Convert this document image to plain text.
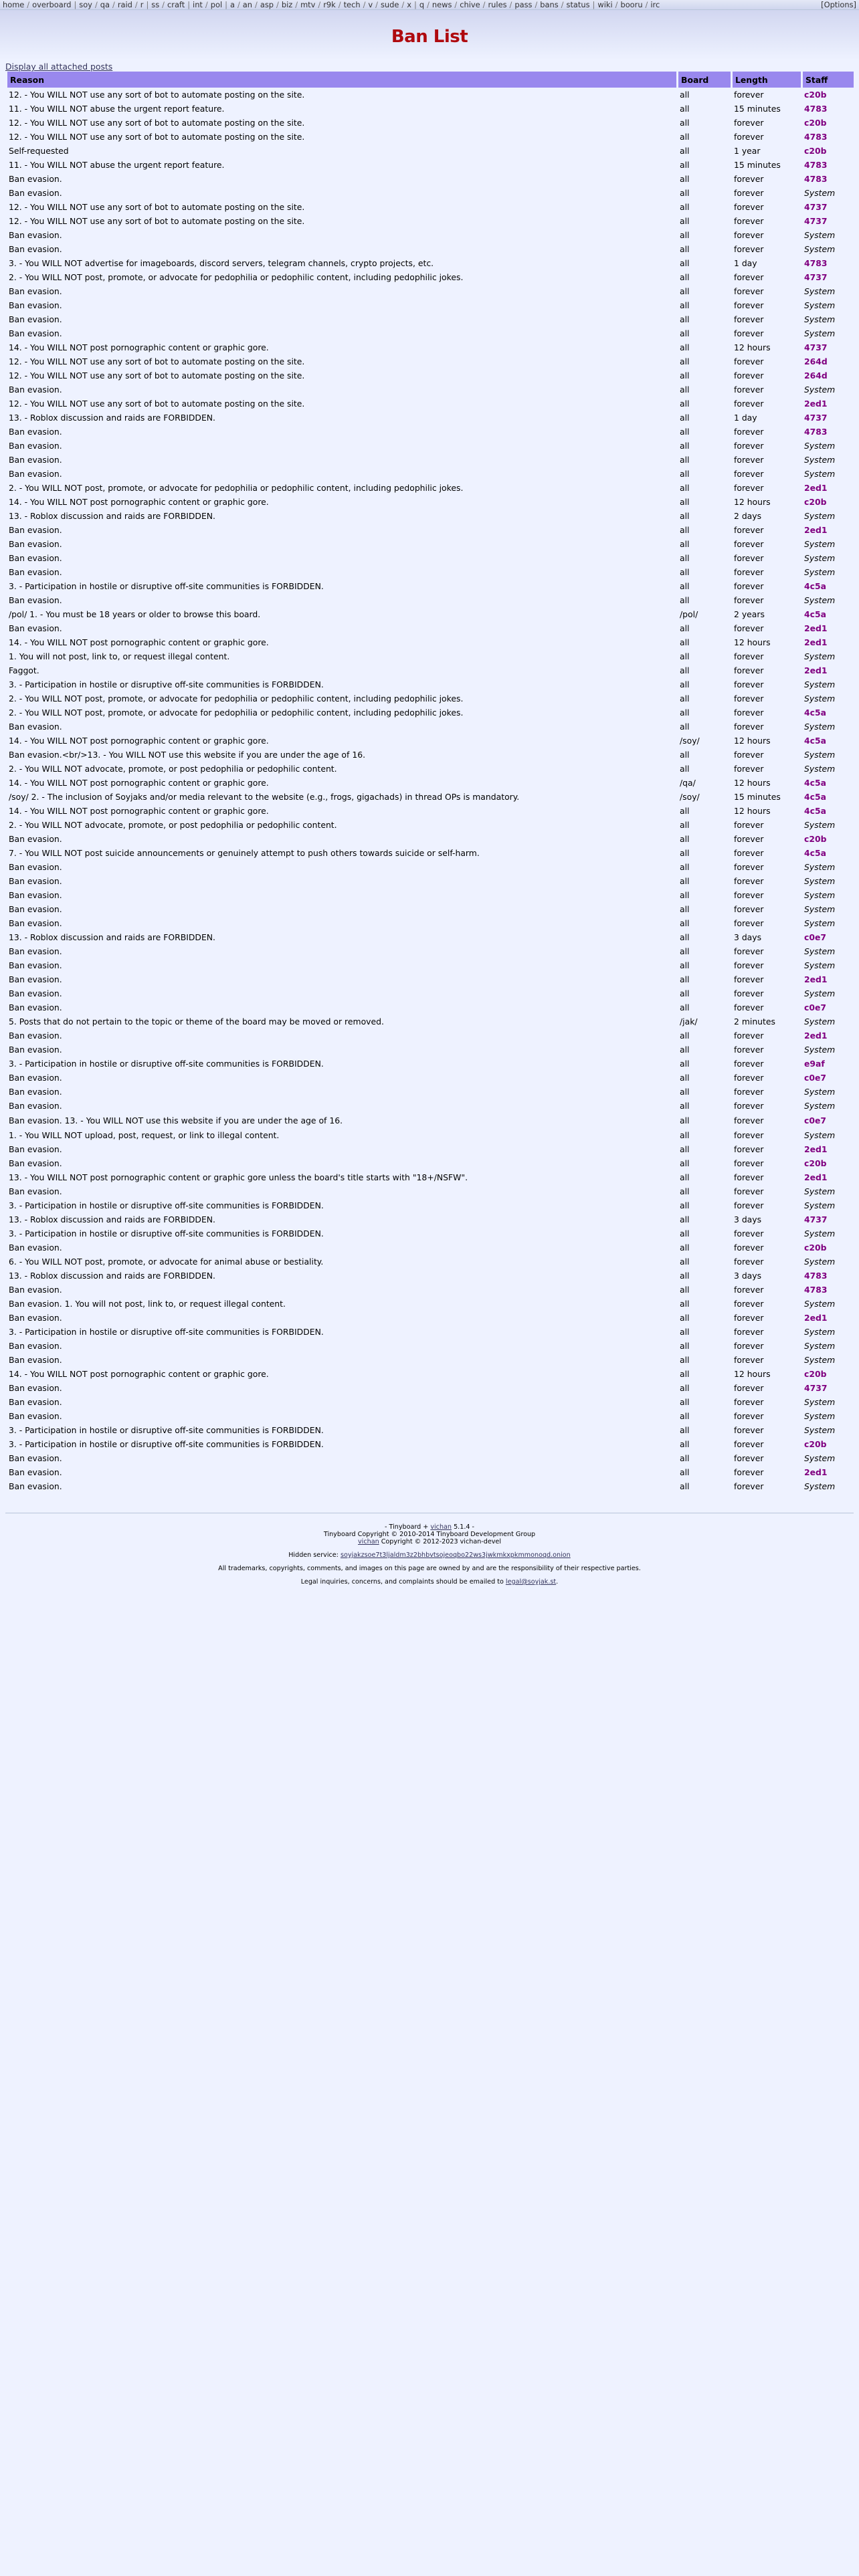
home / overboard | soy / qa / raid / r | ss / craft | int / pol | a / an / asp / biz / mtv / r9k / tech / v / sude / x | q / news / chive / rules / pass / bans / status | wiki / booru / irc	[Options]
Ban List
Display all attached posts
Reason	Board	Length	Staff
12. - You WILL NOT use any sort of bot to automate posting on the site.	all	forever	c20b
11. - You WILL NOT abuse the urgent report feature.	all	15 minutes	4783
12. - You WILL NOT use any sort of bot to automate posting on the site.	all	forever	c20b
12. - You WILL NOT use any sort of bot to automate posting on the site.	all	forever	4783
Self-requested	all	1 year	c20b
11. - You WILL NOT abuse the urgent report feature.	all	15 minutes	4783
Ban evasion.	all	forever	4783
Ban evasion.	all	forever	System
12. - You WILL NOT use any sort of bot to automate posting on the site.	all	forever	4737
12. - You WILL NOT use any sort of bot to automate posting on the site.	all	forever	4737
Ban evasion.	all	forever	System
Ban evasion.	all	forever	System
3. - You WILL NOT advertise for imageboards, discord servers, telegram channels, crypto projects, etc.	all	1 day	4783
2. - You WILL NOT post, promote, or advocate for pedophilia or pedophilic content, including pedophilic jokes.	all	forever	4737
Ban evasion.	all	forever	System
Ban evasion.	all	forever	System
Ban evasion.	all	forever	System
Ban evasion.	all	forever	System
14. - You WILL NOT post pornographic content or graphic gore.	all	12 hours	4737
12. - You WILL NOT use any sort of bot to automate posting on the site.	all	forever	264d
12. - You WILL NOT use any sort of bot to automate posting on the site.	all	forever	264d
Ban evasion.	all	forever	System
12. - You WILL NOT use any sort of bot to automate posting on the site.	all	forever	2ed1
13. - Roblox discussion and raids are FORBIDDEN.	all	1 day	4737
Ban evasion.	all	forever	4783
Ban evasion.	all	forever	System
Ban evasion.	all	forever	System
Ban evasion.	all	forever	System
2. - You WILL NOT post, promote, or advocate for pedophilia or pedophilic content, including pedophilic jokes.	all	forever	2ed1
14. - You WILL NOT post pornographic content or graphic gore.	all	12 hours	c20b
13. - Roblox discussion and raids are FORBIDDEN.	all	2 days	System
Ban evasion.	all	forever	2ed1
Ban evasion.	all	forever	System
Ban evasion.	all	forever	System
Ban evasion.	all	forever	System
3. - Participation in hostile or disruptive off-site communities is FORBIDDEN.	all	forever	4c5a
Ban evasion.	all	forever	System
/pol/ 1. - You must be 18 years or older to browse this board.	/pol/	2 years	4c5a
Ban evasion.	all	forever	2ed1
14. - You WILL NOT post pornographic content or graphic gore.	all	12 hours	2ed1
1. You will not post, link to, or request illegal content.	all	forever	System
Faggot.	all	forever	2ed1
3. - Participation in hostile or disruptive off-site communities is FORBIDDEN.	all	forever	System
2. - You WILL NOT post, promote, or advocate for pedophilia or pedophilic content, including pedophilic jokes.	all	forever	System
2. - You WILL NOT post, promote, or advocate for pedophilia or pedophilic content, including pedophilic jokes.	all	forever	4c5a
Ban evasion.	all	forever	System
14. - You WILL NOT post pornographic content or graphic gore.	/soy/	12 hours	4c5a
Ban evasion.<br/>13. - You WILL NOT use this website if you are under the age of 16.	all	forever	System
2. - You WILL NOT advocate, promote, or post pedophilia or pedophilic content.	all	forever	System
14. - You WILL NOT post pornographic content or graphic gore.	/qa/	12 hours	4c5a
/soy/ 2. - The inclusion of Soyjaks and/or media relevant to the website (e.g., frogs, gigachads) in thread OPs is mandatory.	/soy/	15 minutes	4c5a
14. - You WILL NOT post pornographic content or graphic gore.	all	12 hours	4c5a
2. - You WILL NOT advocate, promote, or post pedophilia or pedophilic content.	all	forever	System
Ban evasion.	all	forever	c20b
7. - You WILL NOT post suicide announcements or genuinely attempt to push others towards suicide or self-harm.	all	forever	4c5a
Ban evasion.	all	forever	System
Ban evasion.	all	forever	System
Ban evasion.	all	forever	System
Ban evasion.	all	forever	System
Ban evasion.	all	forever	System
13. - Roblox discussion and raids are FORBIDDEN.	all	3 days	c0e7
Ban evasion.	all	forever	System
Ban evasion.	all	forever	System
Ban evasion.	all	forever	2ed1
Ban evasion.	all	forever	System
Ban evasion.	all	forever	c0e7
5. Posts that do not pertain to the topic or theme of the board may be moved or removed.	/jak/	2 minutes	System
Ban evasion.	all	forever	2ed1
Ban evasion.	all	forever	System
3. - Participation in hostile or disruptive off-site communities is FORBIDDEN.	all	forever	e9af
Ban evasion.	all	forever	c0e7
Ban evasion.	all	forever	System
Ban evasion.	all	forever	System
Ban evasion. 13. - You WILL NOT use this website if you are under the age of 16.	all	forever	c0e7
1. - You WILL NOT upload, post, request, or link to illegal content.	all	forever	System
Ban evasion.	all	forever	2ed1
Ban evasion.	all	forever	c20b
13. - You WILL NOT post pornographic content or graphic gore unless the board's title starts with "18+/NSFW".	all	forever	2ed1
Ban evasion.	all	forever	System
3. - Participation in hostile or disruptive off-site communities is FORBIDDEN.	all	forever	System
13. - Roblox discussion and raids are FORBIDDEN.	all	3 days	4737
3. - Participation in hostile or disruptive off-site communities is FORBIDDEN.	all	forever	System
Ban evasion.	all	forever	c20b
6. - You WILL NOT post, promote, or advocate for animal abuse or bestiality.	all	forever	System
13. - Roblox discussion and raids are FORBIDDEN.	all	3 days	4783
Ban evasion.	all	forever	4783
Ban evasion. 1. You will not post, link to, or request illegal content.	all	forever	System
Ban evasion.	all	forever	2ed1
3. - Participation in hostile or disruptive off-site communities is FORBIDDEN.	all	forever	System
Ban evasion.	all	forever	System
Ban evasion.	all	forever	System
14. - You WILL NOT post pornographic content or graphic gore.	all	12 hours	c20b
Ban evasion.	all	forever	4737
Ban evasion.	all	forever	System
Ban evasion.	all	forever	System
3. - Participation in hostile or disruptive off-site communities is FORBIDDEN.	all	forever	System
3. - Participation in hostile or disruptive off-site communities is FORBIDDEN.	all	forever	c20b
Ban evasion.	all	forever	System
Ban evasion.	all	forever	2ed1
Ban evasion.	all	forever	System

- Tinyboard + vichan 5.1.4 -

Tinyboard Copyright © 2010-2014 Tinyboard Development Group

vichan Copyright © 2012-2023 vichan-devel

Hidden service: soyjakzsoe7t3ljaldm3z2bhbvtsojeoqbo22ws3jwkmkxpkmmonoqd.onion

All trademarks, copyrights, comments, and images on this page are owned by and are the responsibility of their respective parties.

Legal inquiries, concerns, and complaints should be emailed to legal@soyjak.st.
